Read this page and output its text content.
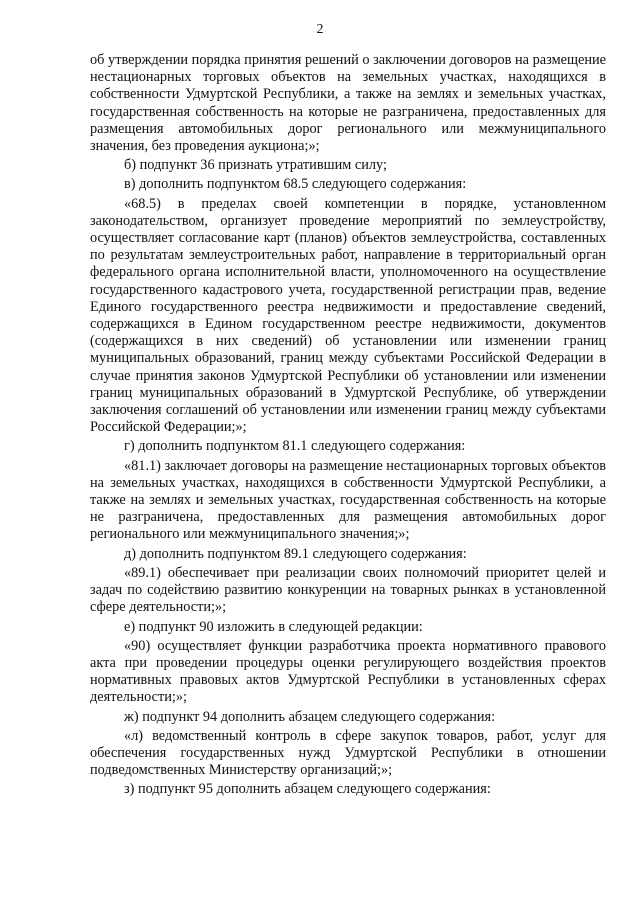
2

об утверждении порядка принятия решений о заключении договоров на размещение нестационарных торговых объектов на земельных участках, находящихся в собственности Удмуртской Республики, а также на землях и земельных участках, государственная собственность на которые не разграничена, предоставленных для размещения автомобильных дорог регионального или межмуниципального значения, без проведения аукциона;»;

б) подпункт 36 признать утратившим силу;

в) дополнить подпунктом 68.5 следующего содержания:

«68.5) в пределах своей компетенции в порядке, установленном законодательством, организует проведение мероприятий по землеустройству, осуществляет согласование карт (планов) объектов землеустройства, составленных по результатам землеустроительных работ, направление в территориальный орган федерального органа исполнительной власти, уполномоченного на осуществление государственного кадастрового учета, государственной регистрации прав, ведение Единого государственного реестра недвижимости и предоставление сведений, содержащихся в Едином государственном реестре недвижимости, документов (содержащихся в них сведений) об установлении или изменении границ муниципальных образований, границ между субъектами Российской Федерации в случае принятия законов Удмуртской Республики об установлении или изменении границ муниципальных образований в Удмуртской Республике, об утверждении заключения соглашений об установлении или изменении границ между субъектами Российской Федерации;»;

г) дополнить подпунктом 81.1 следующего содержания:

«81.1) заключает договоры на размещение нестационарных торговых объектов на земельных участках, находящихся в собственности Удмуртской Республики, а также на землях и земельных участках, государственная собственность на которые не разграничена, предоставленных для размещения автомобильных дорог регионального или межмуниципального значения;»;

д) дополнить подпунктом 89.1 следующего содержания:

«89.1) обеспечивает при реализации своих полномочий приоритет целей и задач по содействию развитию конкуренции на товарных рынках в установленной сфере деятельности;»;

е) подпункт 90 изложить в следующей редакции:

«90) осуществляет функции разработчика проекта нормативного правового акта при проведении процедуры оценки регулирующего воздействия проектов нормативных правовых актов Удмуртской Республики в установленных сферах деятельности;»;

ж) подпункт 94 дополнить абзацем следующего содержания:

«л) ведомственный контроль в сфере закупок товаров, работ, услуг для обеспечения государственных нужд Удмуртской Республики в отношении подведомственных Министерству организаций;»;

з) подпункт 95 дополнить абзацем следующего содержания:
